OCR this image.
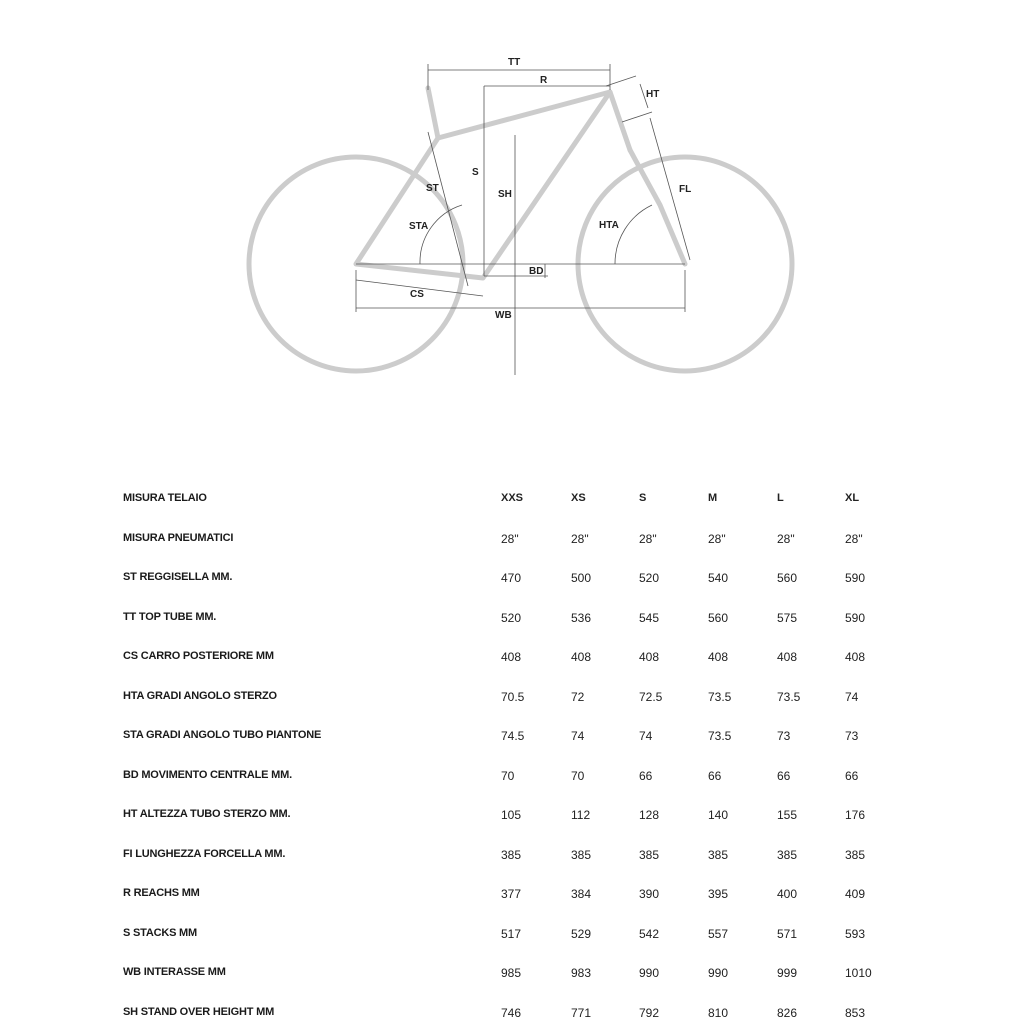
TT
R
HT
S
SH
ST
STA
FL
HTA
BD
CS
WB
MISURA TELAIO	XXS	XS	S	M	L	XL
MISURA PNEUMATICI	28"	28"	28"	28"	28"	28"
ST REGGISELLA MM.	470	500	520	540	560	590
TT TOP TUBE MM.	520	536	545	560	575	590
CS CARRO POSTERIORE MM	408	408	408	408	408	408
HTA GRADI ANGOLO STERZO	70.5	72	72.5	73.5	73.5	74
STA GRADI ANGOLO TUBO PIANTONE	74.5	74	74	73.5	73	73
BD MOVIMENTO CENTRALE MM.	70	70	66	66	66	66
HT ALTEZZA TUBO STERZO MM.	105	112	128	140	155	176
FI LUNGHEZZA FORCELLA MM.	385	385	385	385	385	385
R REACHS MM	377	384	390	395	400	409
S STACKS MM	517	529	542	557	571	593
WB INTERASSE MM	985	983	990	990	999	1010
SH STAND OVER HEIGHT MM	746	771	792	810	826	853
